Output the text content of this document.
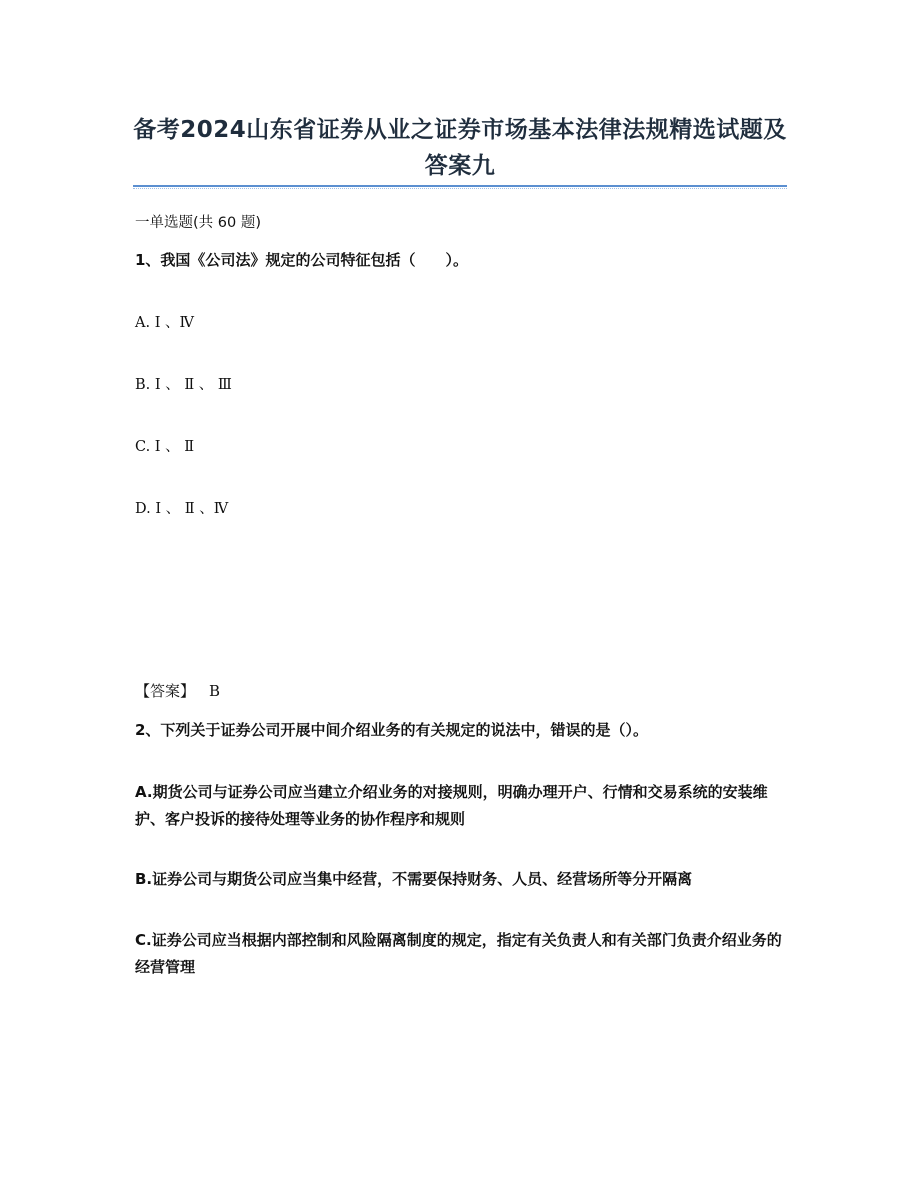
备考2024山东省证券从业之证券市场基本法律法规精选试题及答案九
一单选题(共 60 题)
1、我国《公司法》规定的公司特征包括（　　）。
A. Ⅰ 、Ⅳ
B. Ⅰ 、 Ⅱ 、 Ⅲ
C. Ⅰ 、 Ⅱ
D. Ⅰ 、 Ⅱ 、Ⅳ
【答案】 B
2、下列关于证券公司开展中间介绍业务的有关规定的说法中，错误的是（）。
A.期货公司与证券公司应当建立介绍业务的对接规则，明确办理开户、行情和交易系统的安装维护、客户投诉的接待处理等业务的协作程序和规则
B.证券公司与期货公司应当集中经营，不需要保持财务、人员、经营场所等分开隔离
C.证券公司应当根据内部控制和风险隔离制度的规定，指定有关负责人和有关部门负责介绍业务的经营管理
